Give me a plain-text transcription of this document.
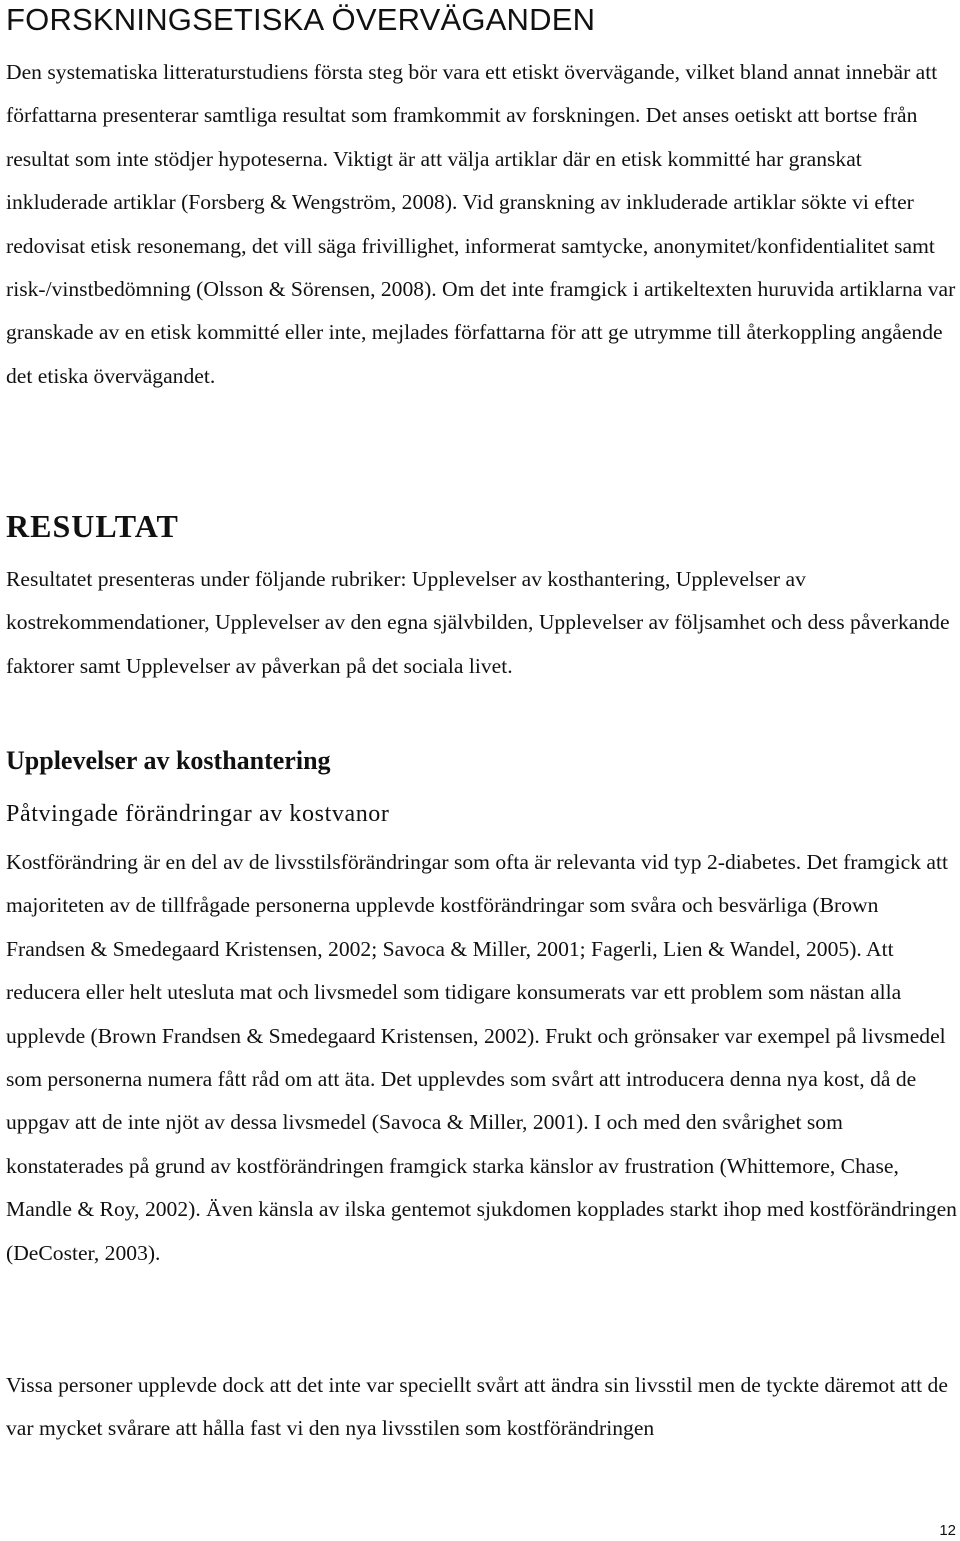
FORSKNINGSETISKA ÖVERVÄGANDEN

Den systematiska litteraturstudiens första steg bör vara ett etiskt övervägande, vilket bland annat innebär att författarna presenterar samtliga resultat som framkommit av forskningen. Det anses oetiskt att bortse från resultat som inte stödjer hypoteserna. Viktigt är att välja artiklar där en etisk kommitté har granskat inkluderade artiklar (Forsberg & Wengström, 2008). Vid granskning av inkluderade artiklar sökte vi efter redovisat etisk resonemang, det vill säga frivillighet, informerat samtycke, anonymitet/konfidentialitet samt risk-/vinstbedömning (Olsson & Sörensen, 2008). Om det inte framgick i artikeltexten huruvida artiklarna var granskade av en etisk kommitté eller inte, mejlades författarna för att ge utrymme till återkoppling angående det etiska övervägandet.

RESULTAT

Resultatet presenteras under följande rubriker: Upplevelser av kosthantering, Upplevelser av kostrekommendationer, Upplevelser av den egna självbilden, Upplevelser av följsamhet och dess påverkande faktorer samt Upplevelser av påverkan på det sociala livet.

Upplevelser av kosthantering
Påtvingade förändringar av kostvanor

Kostförändring är en del av de livsstilsförändringar som ofta är relevanta vid typ 2-diabetes. Det framgick att majoriteten av de tillfrågade personerna upplevde kostförändringar som svåra och besvärliga (Brown Frandsen & Smedegaard Kristensen, 2002; Savoca & Miller, 2001; Fagerli, Lien & Wandel, 2005). Att reducera eller helt utesluta mat och livsmedel som tidigare konsumerats var ett problem som nästan alla upplevde (Brown Frandsen & Smedegaard Kristensen, 2002). Frukt och grönsaker var exempel på livsmedel som personerna numera fått råd om att äta. Det upplevdes som svårt att introducera denna nya kost, då de uppgav att de inte njöt av dessa livsmedel (Savoca & Miller, 2001). I och med den svårighet som konstaterades på grund av kostförändringen framgick starka känslor av frustration (Whittemore, Chase, Mandle & Roy, 2002). Även känsla av ilska gentemot sjukdomen kopplades starkt ihop med kostförändringen (DeCoster, 2003).

Vissa personer upplevde dock att det inte var speciellt svårt att ändra sin livsstil men de tyckte däremot att de var mycket svårare att hålla fast vi den nya livsstilen som kostförändringen

12
